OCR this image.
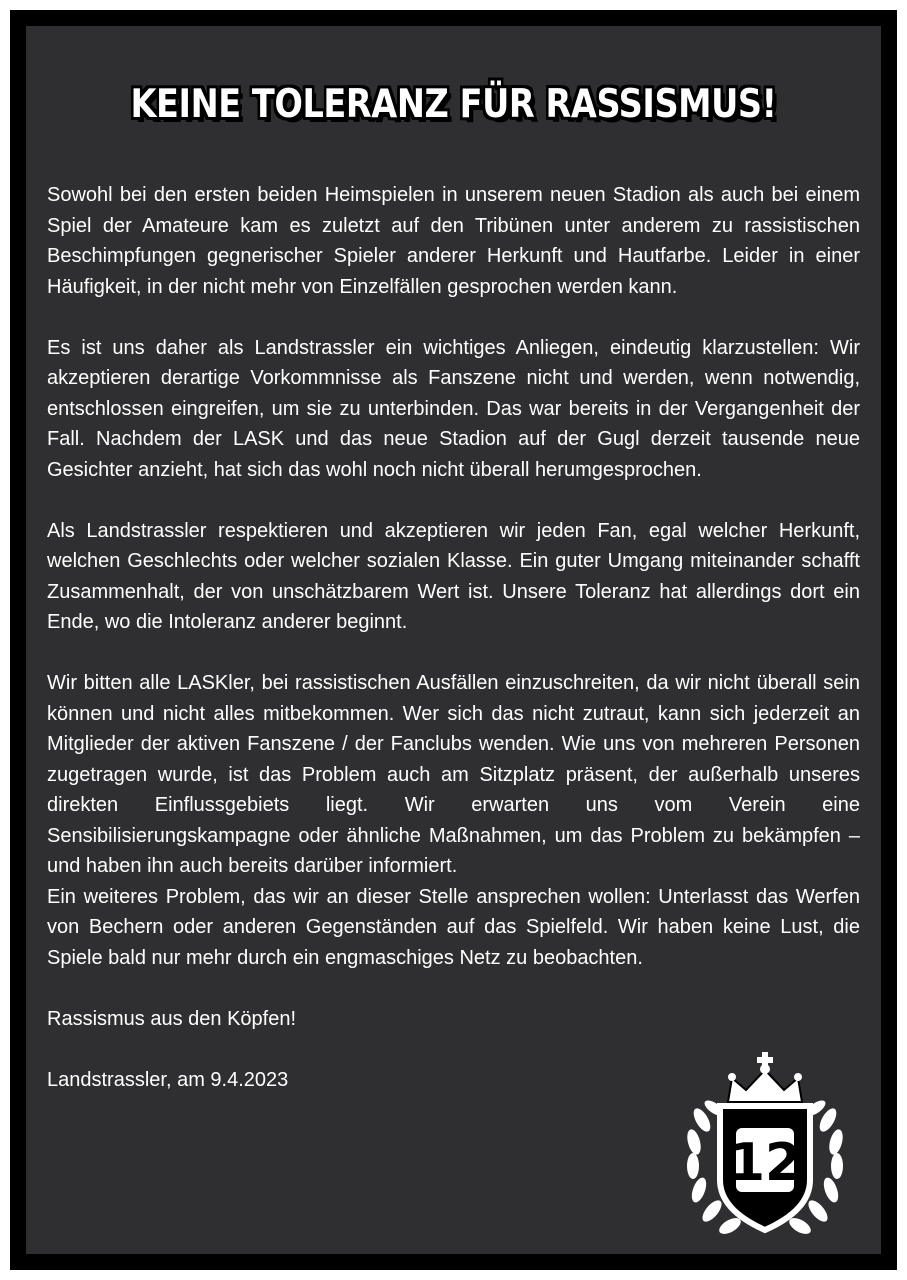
KEINE TOLERANZ FÜR RASSISMUS!

Sowohl bei den ersten beiden Heimspielen in unserem neuen Stadion als auch bei einem Spiel der Amateure kam es zuletzt auf den Tribünen unter anderem zu rassistischen Beschimpfungen gegnerischer Spieler anderer Herkunft und Hautfarbe. Leider in einer Häufigkeit, in der nicht mehr von Einzelfällen gesprochen werden kann.

Es ist uns daher als Landstrassler ein wichtiges Anliegen, eindeutig klarzustellen: Wir akzeptieren derartige Vorkommnisse als Fanszene nicht und werden, wenn notwendig, entschlossen eingreifen, um sie zu unterbinden. Das war bereits in der Vergangenheit der Fall. Nachdem der LASK und das neue Stadion auf der Gugl derzeit tausende neue Gesichter anzieht, hat sich das wohl noch nicht überall herumgesprochen.

Als Landstrassler respektieren und akzeptieren wir jeden Fan, egal welcher Herkunft, welchen Geschlechts oder welcher sozialen Klasse. Ein guter Umgang miteinander schafft Zusammenhalt, der von unschätzbarem Wert ist. Unsere Toleranz hat allerdings dort ein Ende, wo die Intoleranz anderer beginnt.

Wir bitten alle LASKler, bei rassistischen Ausfällen einzuschreiten, da wir nicht überall sein können und nicht alles mitbekommen. Wer sich das nicht zutraut, kann sich jederzeit an Mitglieder der aktiven Fanszene / der Fanclubs wenden. Wie uns von mehreren Personen zugetragen wurde, ist das Problem auch am Sitzplatz präsent, der außerhalb unseres direkten Einflussgebiets liegt. Wir erwarten uns vom Verein eine Sensibilisierungskampagne oder ähnliche Maßnahmen, um das Problem zu bekämpfen – und haben ihn auch bereits darüber informiert.

Ein weiteres Problem, das wir an dieser Stelle ansprechen wollen: Unterlasst das Werfen von Bechern oder anderen Gegenständen auf das Spielfeld. Wir haben keine Lust, die Spiele bald nur mehr durch ein engmaschiges Netz zu beobachten.

Rassismus aus den Köpfen!

Landstrassler, am 9.4.2023

12
